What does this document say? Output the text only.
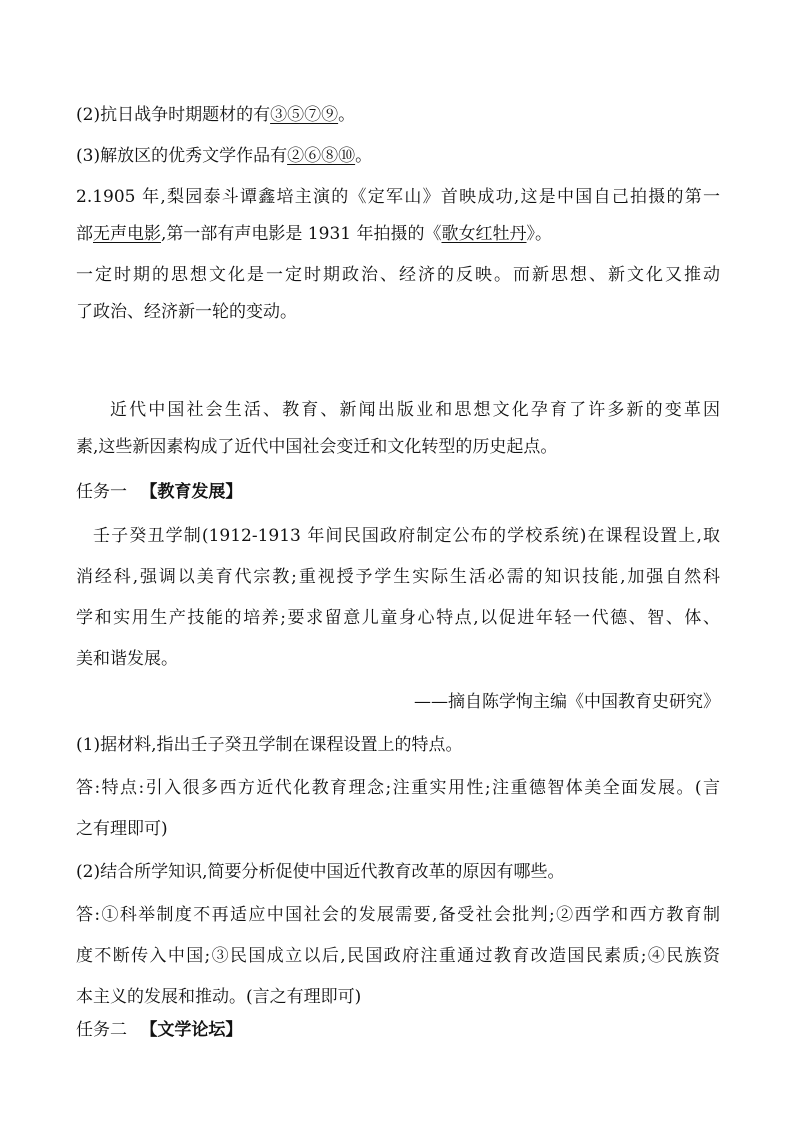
(2)抗日战争时期题材的有③⑤⑦⑨。
(3)解放区的优秀文学作品有②⑥⑧⑩。
2.1905 年,梨园泰斗谭鑫培主演的《定军山》首映成功,这是中国自己拍摄的第一
部无声电影,第一部有声电影是 1931 年拍摄的《歌女红牡丹》。
一定时期的思想文化是一定时期政治、经济的反映。而新思想、新文化又推动
了政治、经济新一轮的变动。
近代中国社会生活、教育、新闻出版业和思想文化孕育了许多新的变革因
素,这些新因素构成了近代中国社会变迁和文化转型的历史起点。
任务一 【教育发展】
壬子癸丑学制(1912-1913 年间民国政府制定公布的学校系统)在课程设置上,取
消经科,强调以美育代宗教;重视授予学生实际生活必需的知识技能,加强自然科
学和实用生产技能的培养;要求留意儿童身心特点,以促进年轻一代德、智、体、
美和谐发展。
——摘自陈学恂主编《中国教育史研究》
(1)据材料,指出壬子癸丑学制在课程设置上的特点。
答:特点:引入很多西方近代化教育理念;注重实用性;注重德智体美全面发展。(言
之有理即可)
(2)结合所学知识,简要分析促使中国近代教育改革的原因有哪些。
答:①科举制度不再适应中国社会的发展需要,备受社会批判;②西学和西方教育制
度不断传入中国;③民国成立以后,民国政府注重通过教育改造国民素质;④民族资
本主义的发展和推动。(言之有理即可)
任务二 【文学论坛】
